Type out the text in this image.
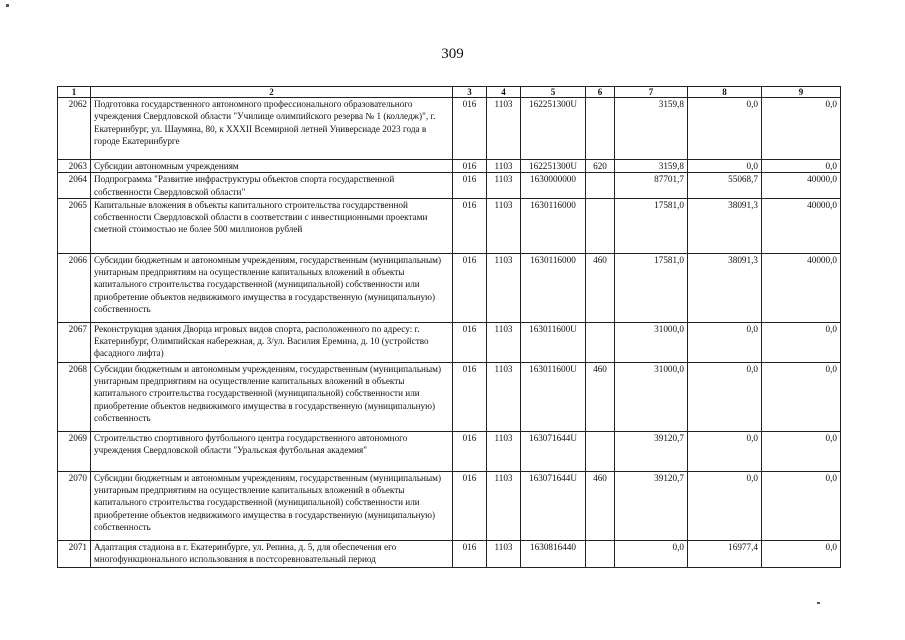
309
1	2	3	4	5	6	7	8	9
2062	Подготовка государственного автономного профессионального образовательного учреждения Свердловской области "Училище олимпийского резерва № 1 (колледж)", г. Екатеринбург, ул. Шаумяна, 80, к XXXII Всемирной летней Универсиаде 2023 года в городе Екатеринбурге	016	1103	162251300U		3159,8	0,0	0,0
2063	Субсидии автономным учреждениям	016	1103	162251300U	620	3159,8	0,0	0,0
2064	Подпрограмма "Развитие инфраструктуры объектов спорта государственной собственности Свердловской области"	016	1103	1630000000		87701,7	55068,7	40000,0
2065	Капитальные вложения в объекты капитального строительства государственной собственности Свердловской области в соответствии с инвестиционными проектами сметной стоимостью не более 500 миллионов рублей	016	1103	1630116000		17581,0	38091,3	40000,0
2066	Субсидии бюджетным и автономным учреждениям, государственным (муниципальным) унитарным предприятиям на осуществление капитальных вложений в объекты капитального строительства государственной (муниципальной) собственности или приобретение объектов недвижимого имущества в государственную (муниципальную) собственность	016	1103	1630116000	460	17581,0	38091,3	40000,0
2067	Реконструкция здания Дворца игровых видов спорта, расположенного по адресу: г. Екатеринбург, Олимпийская набережная, д. 3/ул. Василия Еремина, д. 10 (устройство фасадного лифта)	016	1103	163011600U		31000,0	0,0	0,0
2068	Субсидии бюджетным и автономным учреждениям, государственным (муниципальным) унитарным предприятиям на осуществление капитальных вложений в объекты капитального строительства государственной (муниципальной) собственности или приобретение объектов недвижимого имущества в государственную (муниципальную) собственность	016	1103	163011600U	460	31000,0	0,0	0,0
2069	Строительство спортивного футбольного центра государственного автономного учреждения Свердловской области "Уральская футбольная академия"	016	1103	163071644U		39120,7	0,0	0,0
2070	Субсидии бюджетным и автономным учреждениям, государственным (муниципальным) унитарным предприятиям на осуществление капитальных вложений в объекты капитального строительства государственной (муниципальной) собственности или приобретение объектов недвижимого имущества в государственную (муниципальную) собственность	016	1103	163071644U	460	39120,7	0,0	0,0
2071	Адаптация стадиона в г. Екатеринбурге, ул. Репина, д. 5, для обеспечения его многофункционального использования в постсоревновательный период	016	1103	1630816440		0,0	16977,4	0,0
